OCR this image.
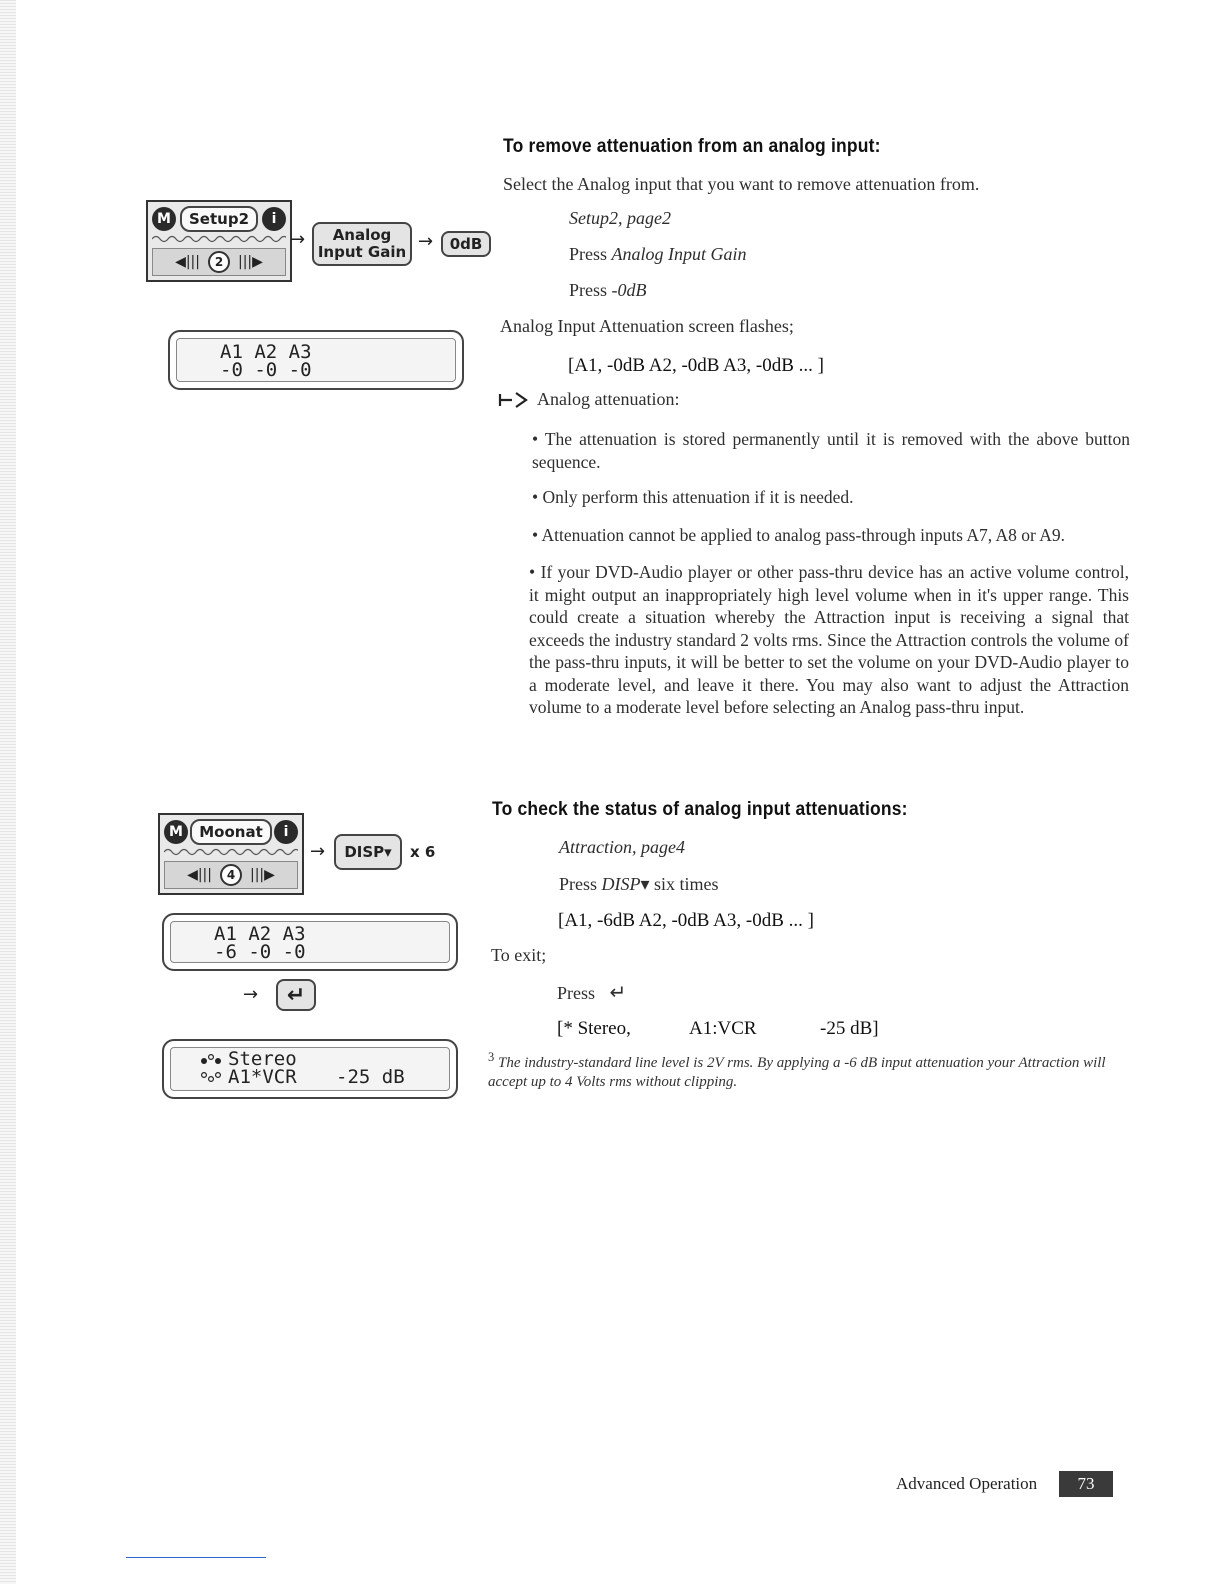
M	Setup2	i
◀|||	2	|||▶
→ Analog
Input Gain →	0dB
A1 A2 A3
-0 -0 -0
To remove attenuation from an analog input:
Select the Analog input that you want to remove attenuation from.
Setup2, page2
Press Analog Input Gain
Press -0dB
Analog Input Attenuation screen flashes;
[A1, -0dB A2, -0dB A3, -0dB ... ]
Analog attenuation:
• The attenuation is stored permanently until it is removed with the above button sequence.
• Only perform this attenuation if it is needed.
• Attenuation cannot be applied to analog pass-through inputs A7, A8 or A9.
• If your DVD-Audio player or other pass-thru device has an active volume control, it might output an inappropriately high level volume when in it's upper range. This could create a situation whereby the Attraction input is receiving a signal that exceeds the industry standard 2 volts rms. Since the Attraction controls the volume of the pass-thru inputs, it will be better to set the volume on your DVD-Audio player to a moderate level, and leave it there. You may also want to adjust the Attraction volume to a moderate level before selecting an Analog pass-thru input.
M	Moonat	i
◀|||	4	|||▶
→	DISP▾	x 6
A1 A2 A3
-6 -0 -0
→	↵
Stereo
A1*VCR -25 dB
To check the status of analog input attenuations:
Attraction, page4
Press DISP▾ six times
[A1, -6dB A2, -0dB A3, -0dB ... ]
To exit;
Press ↵
[* Stereo,	A1:VCR	-25 dB]
$^3$ The industry-standard line level is 2V rms. By applying a -6 dB input attenuation your Attraction will accept up to 4 Volts rms without clipping.
Advanced Operation	73
